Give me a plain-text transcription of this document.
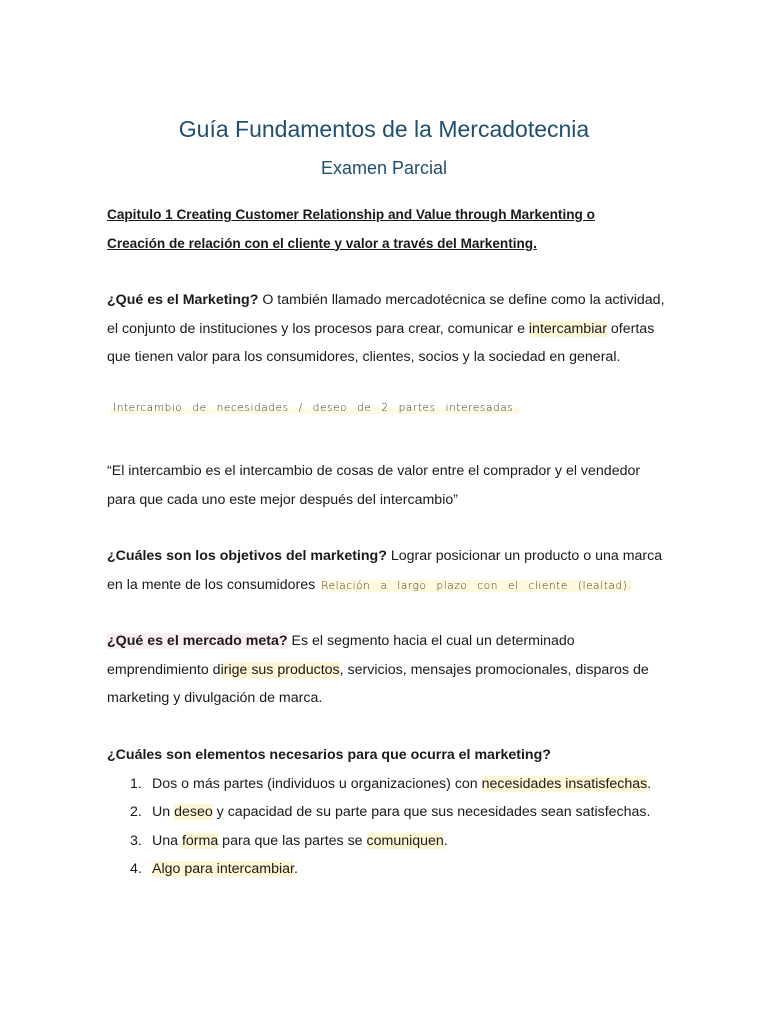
Guía Fundamentos de la Mercadotecnia
Examen Parcial
Capitulo 1 Creating Customer Relationship and Value through Markenting o
Creación de relación con el cliente y valor a través del Markenting.
¿Qué es el Marketing? O también llamado mercadotécnica se define como la actividad, el conjunto de instituciones y los procesos para crear, comunicar e intercambiar ofertas que tienen valor para los consumidores, clientes, socios y la sociedad en general.
Intercambio de necesidades / deseo de 2 partes interesadas.
“El intercambio es el intercambio de cosas de valor entre el comprador y el vendedor para que cada uno este mejor después del intercambio”
¿Cuáles son los objetivos del marketing? Lograr posicionar un producto o una marca en la mente de los consumidores Relación a largo plazo con el cliente (lealtad).
¿Qué es el mercado meta? Es el segmento hacia el cual un determinado emprendimiento dirige sus productos, servicios, mensajes promocionales, disparos de marketing y divulgación de marca.
¿Cuáles son elementos necesarios para que ocurra el marketing?
1. Dos o más partes (individuos u organizaciones) con necesidades insatisfechas.
2. Un deseo y capacidad de su parte para que sus necesidades sean satisfechas.
3. Una forma para que las partes se comuniquen.
4. Algo para intercambiar.
